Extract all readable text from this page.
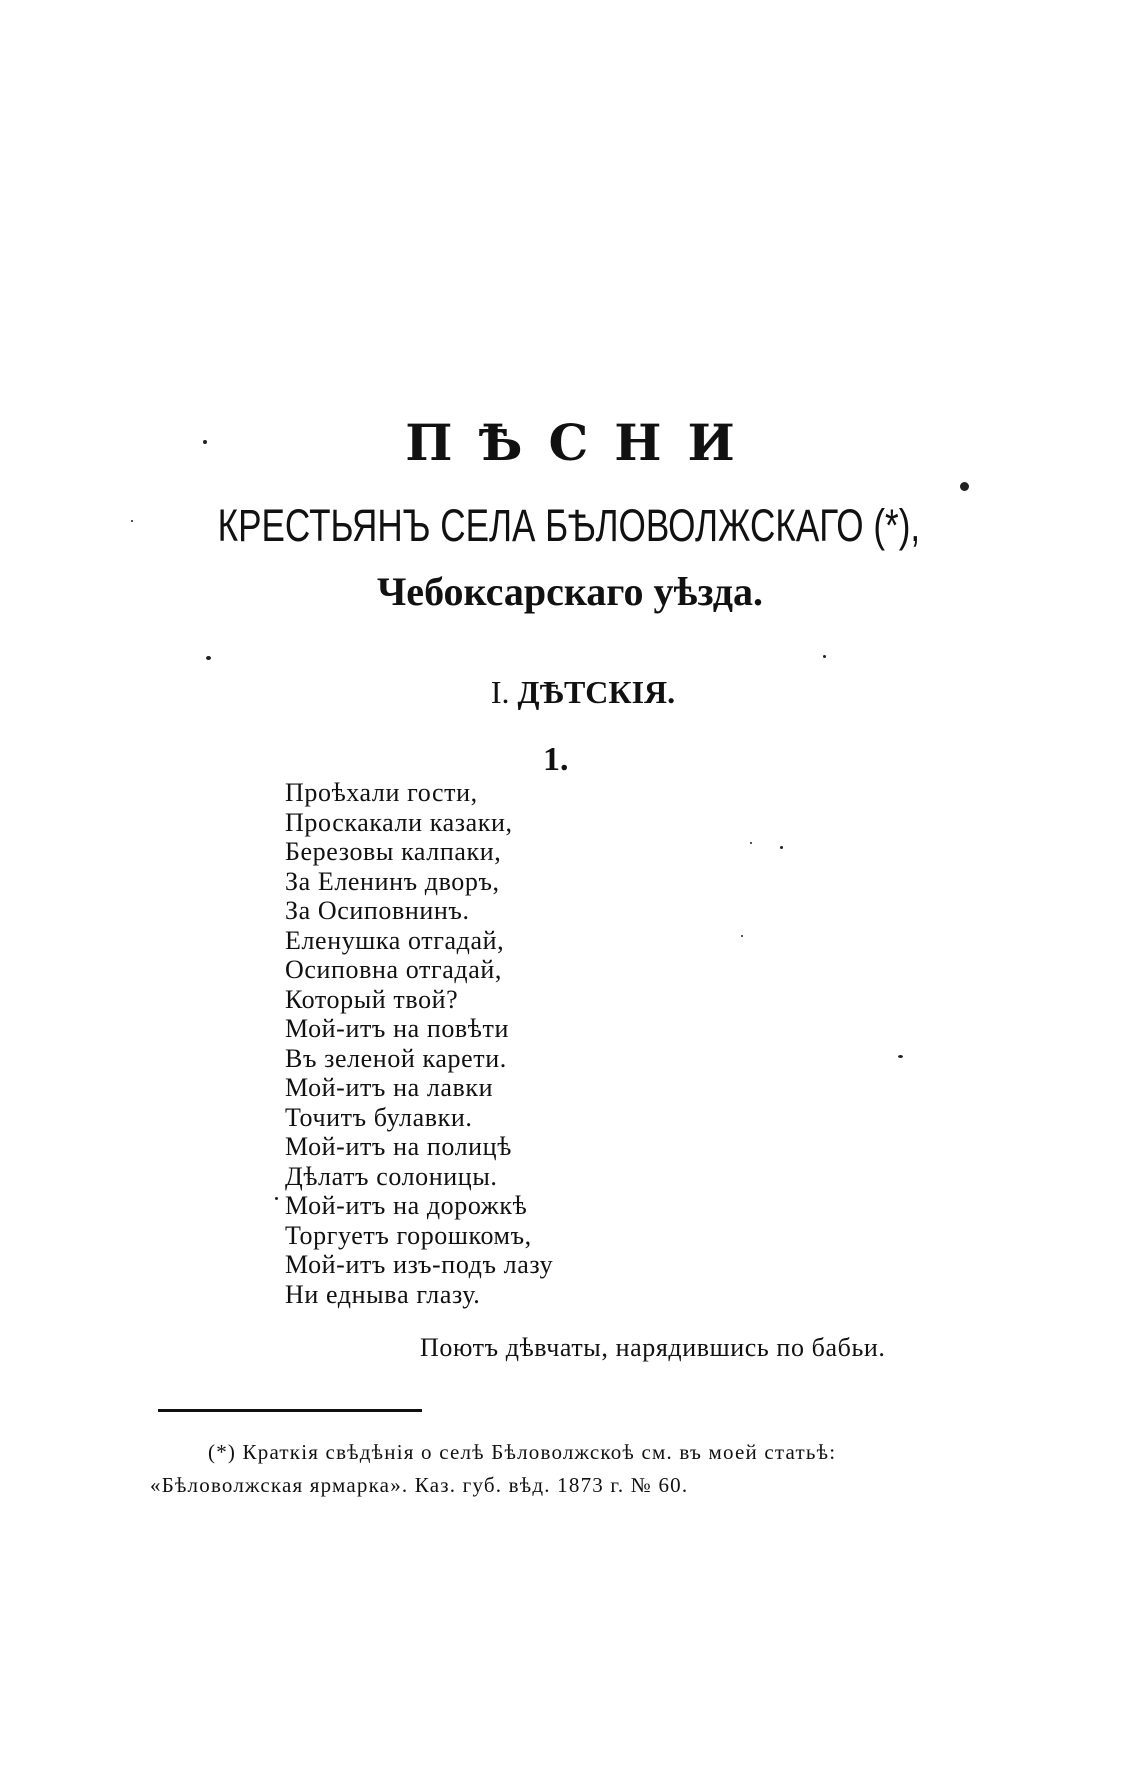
ПѢСНИ
КРЕСТЬЯНЪ СЕЛА БѢЛОВОЛЖСКАГО (*),
Чебоксарскаго уѣзда.
I. ДѢТСКІЯ.
1.
Проѣхали гости,
Проскакали казаки,
Березовы калпаки,
За Еленинъ дворъ,
За Осиповнинъ.
Еленушка отгадай,
Осиповна отгадай,
Который твой?
Мой-итъ на повѣти
Въ зеленой карети.
Мой-итъ на лавки
Точитъ булавки.
Мой-итъ на полицѣ
Дѣлатъ солоницы.
Мой-итъ на дорожкѣ
Торгуетъ горошкомъ,
Мой-итъ изъ-подъ лазу
Ни еднывa глазу.
Поютъ дѣвчаты, нарядившись по бабьи.
(*) Краткія свѣдѣнія о селѣ Бѣловолжскоѣ см. въ моей статьѣ:
«Бѣловолжская ярмарка». Каз. губ. вѣд. 1873 г. № 60.
